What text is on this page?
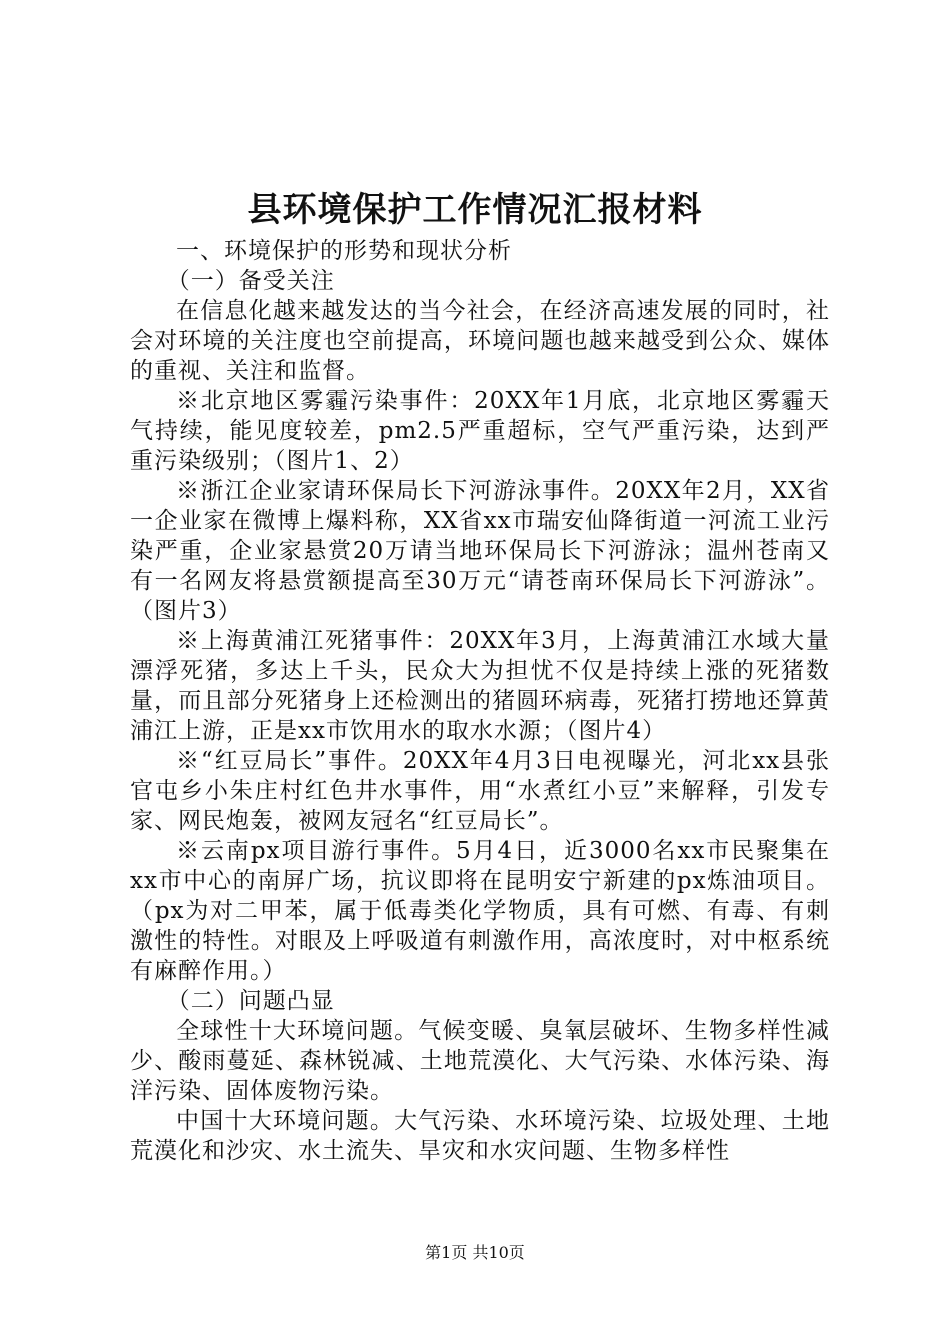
县环境保护工作情况汇报材料

一、环境保护的形势和现状分析

（一）备受关注

在信息化越来越发达的当今社会，在经济高速发展的同时，社会对环境的关注度也空前提高，环境问题也越来越受到公众、媒体的重视、关注和监督。

※北京地区雾霾污染事件：20XX年1月底，北京地区雾霾天气持续，能见度较差，pm2.5严重超标，空气严重污染，达到严重污染级别；（图片1、2）

※浙江企业家请环保局长下河游泳事件。20XX年2月，XX省一企业家在微博上爆料称，XX省xx市瑞安仙降街道一河流工业污染严重，企业家悬赏20万请当地环保局长下河游泳；温州苍南又有一名网友将悬赏额提高至30万元“请苍南环保局长下河游泳”。（图片3）

※上海黄浦江死猪事件：20XX年3月，上海黄浦江水域大量漂浮死猪，多达上千头，民众大为担忧不仅是持续上涨的死猪数量，而且部分死猪身上还检测出的猪圆环病毒，死猪打捞地还算黄浦江上游，正是xx市饮用水的取水水源；（图片4）

※“红豆局长”事件。20XX年4月3日电视曝光，河北xx县张官屯乡小朱庄村红色井水事件，用“水煮红小豆”来解释，引发专家、网民炮轰，被网友冠名“红豆局长”。

※云南px项目游行事件。5月4日，近3000名xx市民聚集在xx市中心的南屏广场，抗议即将在昆明安宁新建的px炼油项目。（px为对二甲苯，属于低毒类化学物质，具有可燃、有毒、有刺激性的特性。对眼及上呼吸道有刺激作用，高浓度时，对中枢系统有麻醉作用。）

（二）问题凸显

全球性十大环境问题。气候变暖、臭氧层破坏、生物多样性减少、酸雨蔓延、森林锐减、土地荒漠化、大气污染、水体污染、海洋污染、固体废物污染。

中国十大环境问题。大气污染、水环境污染、垃圾处理、土地荒漠化和沙灾、水土流失、旱灾和水灾问题、生物多样性

第1页 共10页
